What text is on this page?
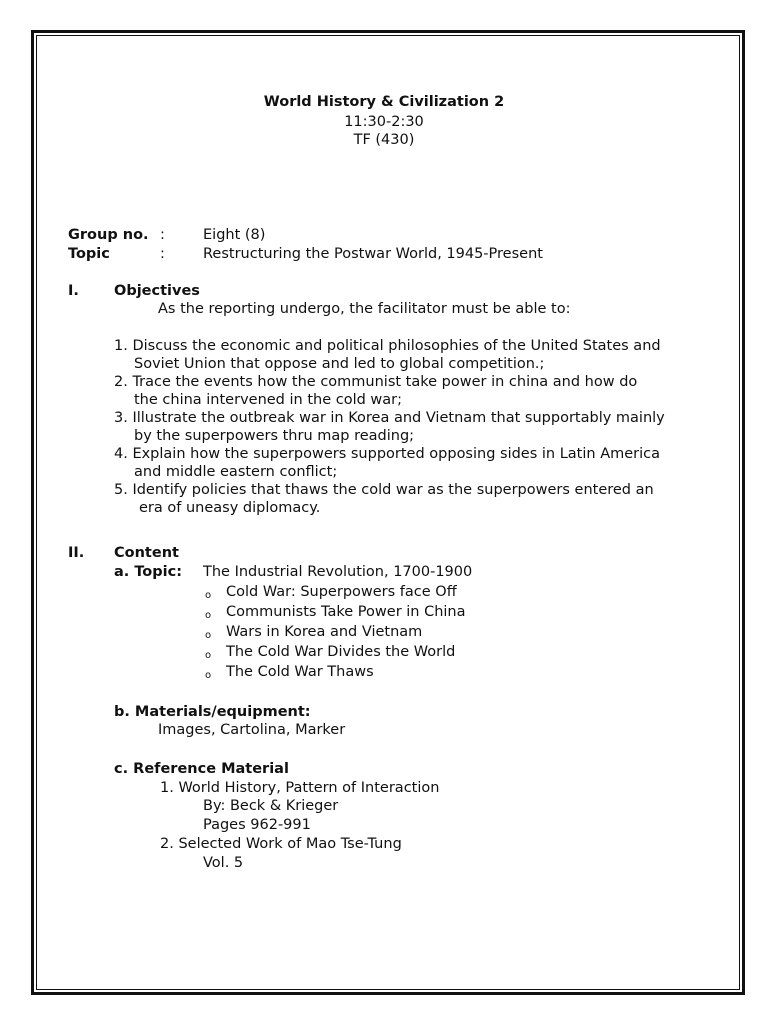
World History & Civilization 2
11:30-2:30
TF (430)
Group no. :	Eight (8)
Topic	:	Restructuring the Postwar World, 1945-Present
I. Objectives
As the reporting undergo, the facilitator must be able to:
1. Discuss the economic and political philosophies of the United States and
Soviet Union that oppose and led to global competition.;
2. Trace the events how the communist take power in china and how do
the china intervened in the cold war;
3. Illustrate the outbreak war in Korea and Vietnam that supportably mainly
by the superpowers thru map reading;
4. Explain how the superpowers supported opposing sides in Latin America
and middle eastern conflict;
5. Identify policies that thaws the cold war as the superpowers entered an
era of uneasy diplomacy.
II. Content
a. Topic: The Industrial Revolution, 1700-1900
o Cold War: Superpowers face Off
o Communists Take Power in China
o Wars in Korea and Vietnam
o The Cold War Divides the World
o The Cold War Thaws
b. Materials/equipment:
Images, Cartolina, Marker
c. Reference Material
1. World History, Pattern of Interaction
By: Beck & Krieger
Pages 962-991
2. Selected Work of Mao Tse-Tung
Vol. 5
